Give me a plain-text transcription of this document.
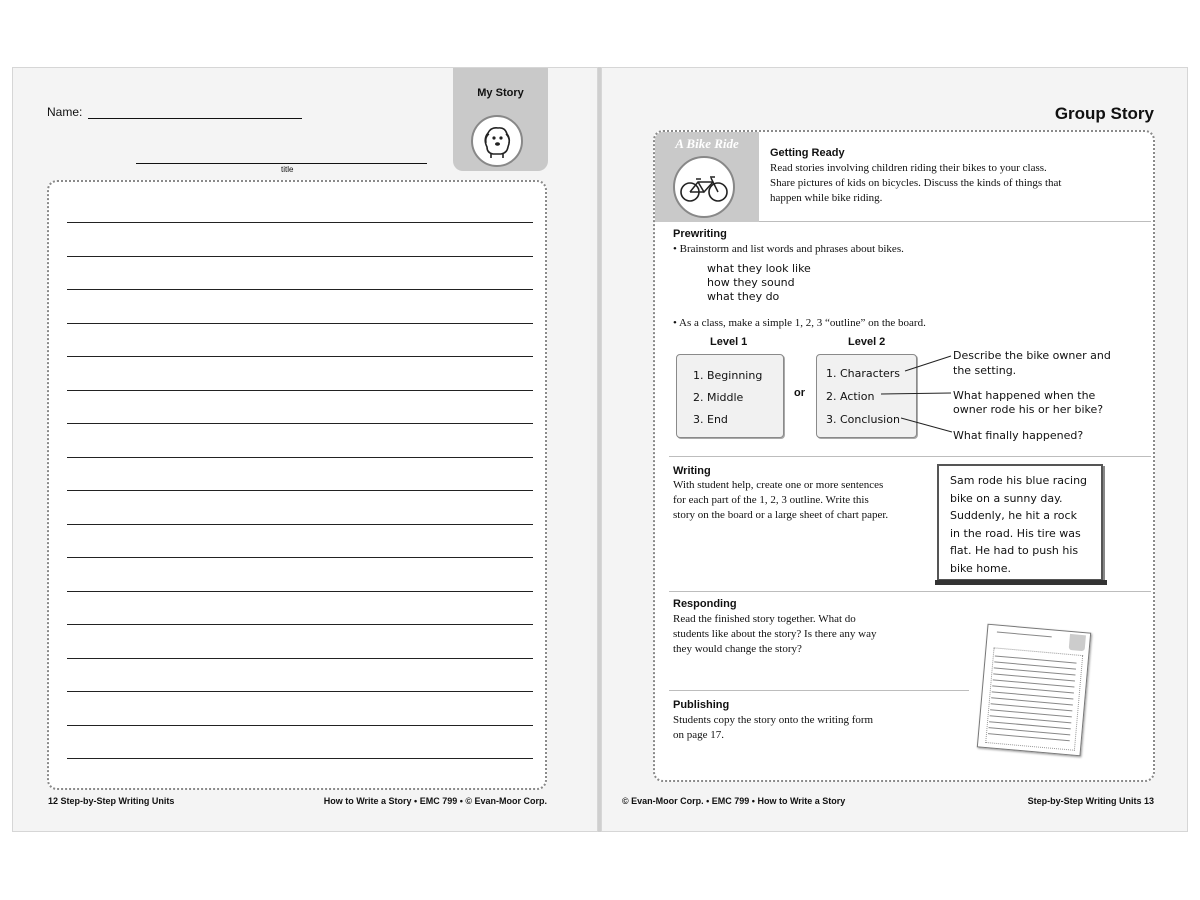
Name:
title
My Story
12 Step-by-Step Writing Units	How to Write a Story • EMC 799 • © Evan-Moor Corp.
Group Story
A Bike Ride
Getting Ready
Read stories involving children riding their bikes to your class.
Share pictures of kids on bicycles. Discuss the kinds of things that
happen while bike riding.
Prewriting
• Brainstorm and list words and phrases about bikes.
what they look like
how they sound
what they do
• As a class, make a simple 1, 2, 3 “outline” on the board.
Level 1
1. Beginning
2. Middle
3. End
or
Level 2
1. Characters
2. Action
3. Conclusion
Describe the bike owner and
the setting.
What happened when the
owner rode his or her bike?
What finally happened?
Writing
With student help, create one or more sentences
for each part of the 1, 2, 3 outline. Write this
story on the board or a large sheet of chart paper.
Sam rode his blue racing
bike on a sunny day.
Suddenly, he hit a rock
in the road. His tire was
flat. He had to push his
bike home.
Responding
Read the finished story together. What do
students like about the story? Is there any way
they would change the story?
Publishing
Students copy the story onto the writing form
on page 17.
© Evan-Moor Corp. • EMC 799 • How to Write a Story	Step-by-Step Writing Units 13
